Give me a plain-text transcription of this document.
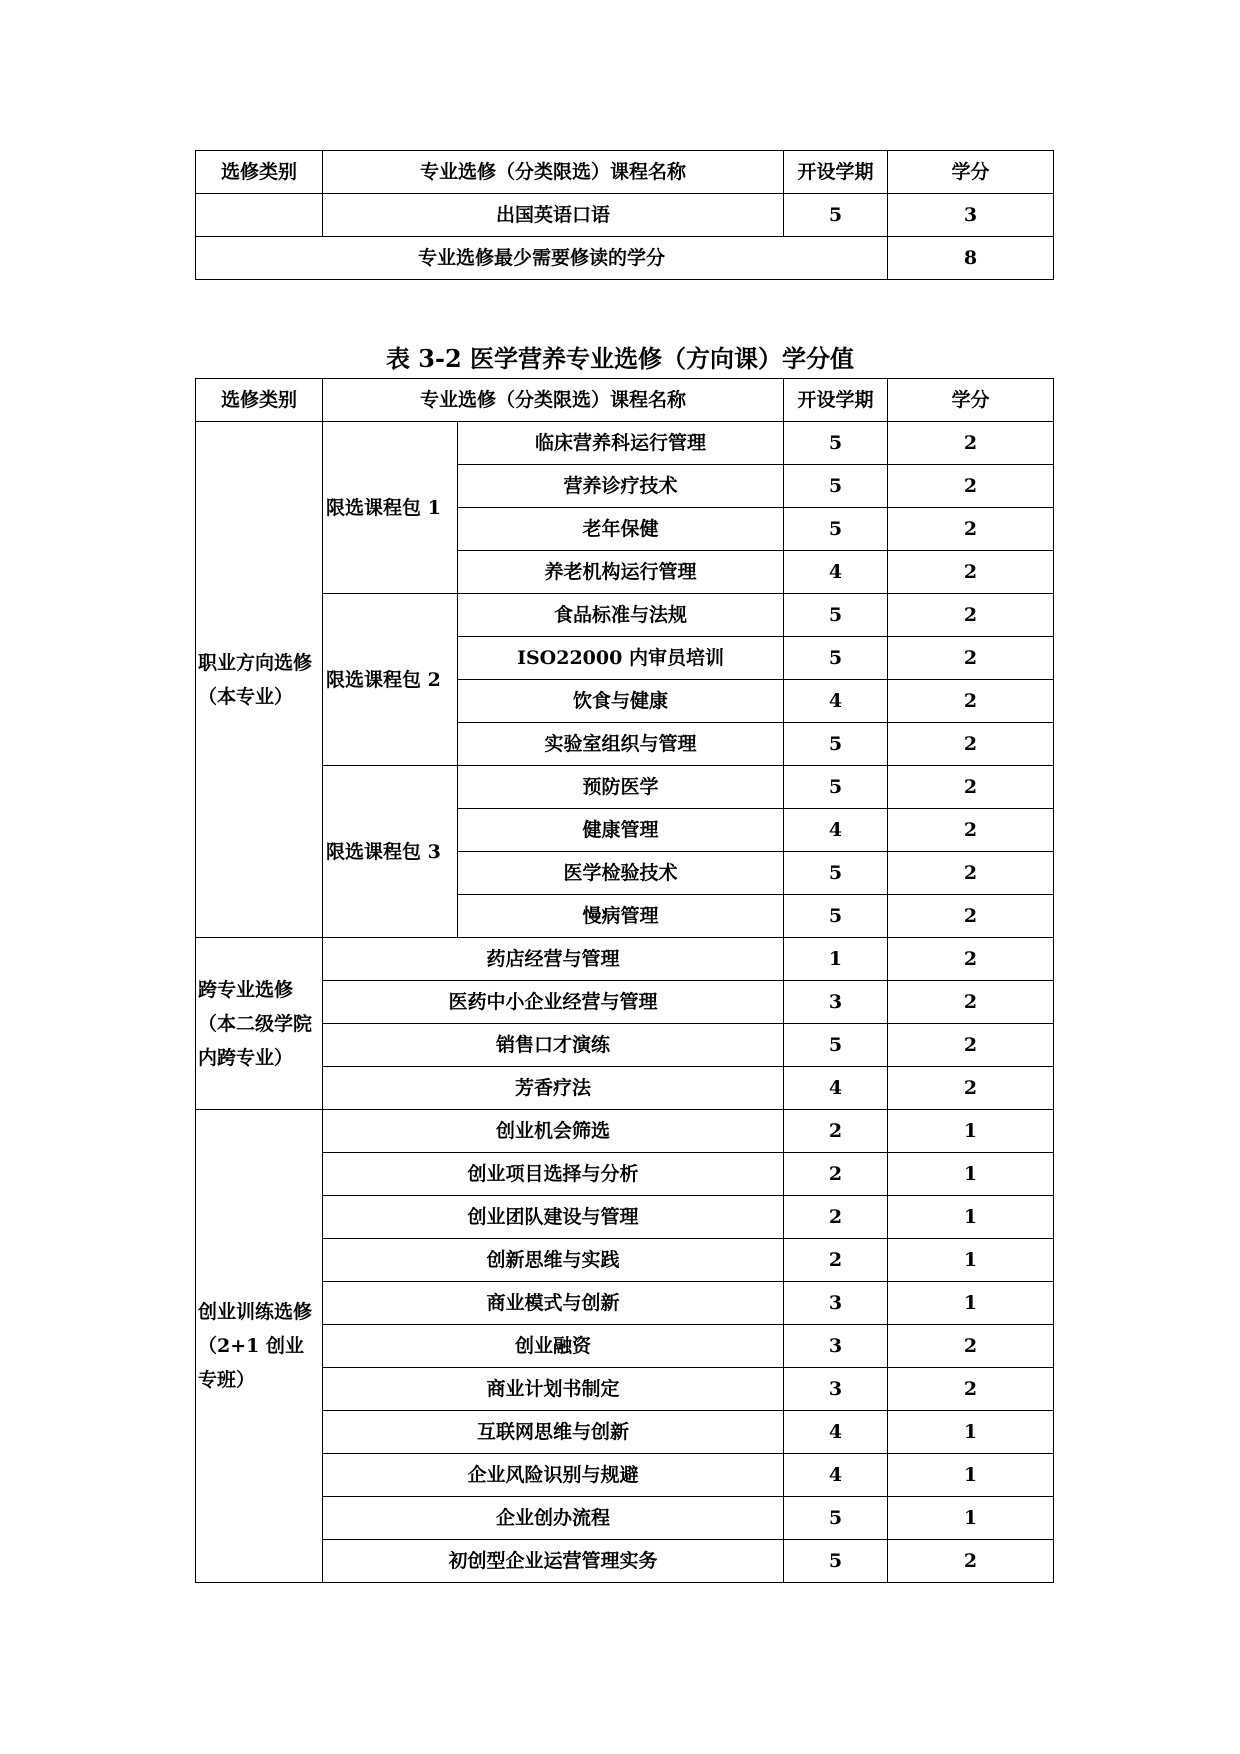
选修类别	专业选修（分类限选）课程名称	开设学期	学分
	出国英语口语	5	3
专业选修最少需要修读的学分			8
表 3-2 医学营养专业选修（方向课）学分值
选修类别	专业选修（分类限选）课程名称		开设学期	学分
职业方向选修（本专业）	限选课程包 1	临床营养科运行管理	5	2
		营养诊疗技术	5	2
		老年保健	5	2
		养老机构运行管理	4	2
	限选课程包 2	食品标准与法规	5	2
		ISO22000 内审员培训	5	2
		饮食与健康	4	2
		实验室组织与管理	5	2
	限选课程包 3	预防医学	5	2
		健康管理	4	2
		医学检验技术	5	2
		慢病管理	5	2
跨专业选修（本二级学院内跨专业）	药店经营与管理		1	2
	医药中小企业经营与管理		3	2
	销售口才演练		5	2
	芳香疗法		4	2
创业训练选修（2+1 创业专班）	创业机会筛选		2	1
	创业项目选择与分析		2	1
	创业团队建设与管理		2	1
	创新思维与实践		2	1
	商业模式与创新		3	1
	创业融资		3	2
	商业计划书制定		3	2
	互联网思维与创新		4	1
	企业风险识别与规避		4	1
	企业创办流程		5	1
	初创型企业运营管理实务		5	2
